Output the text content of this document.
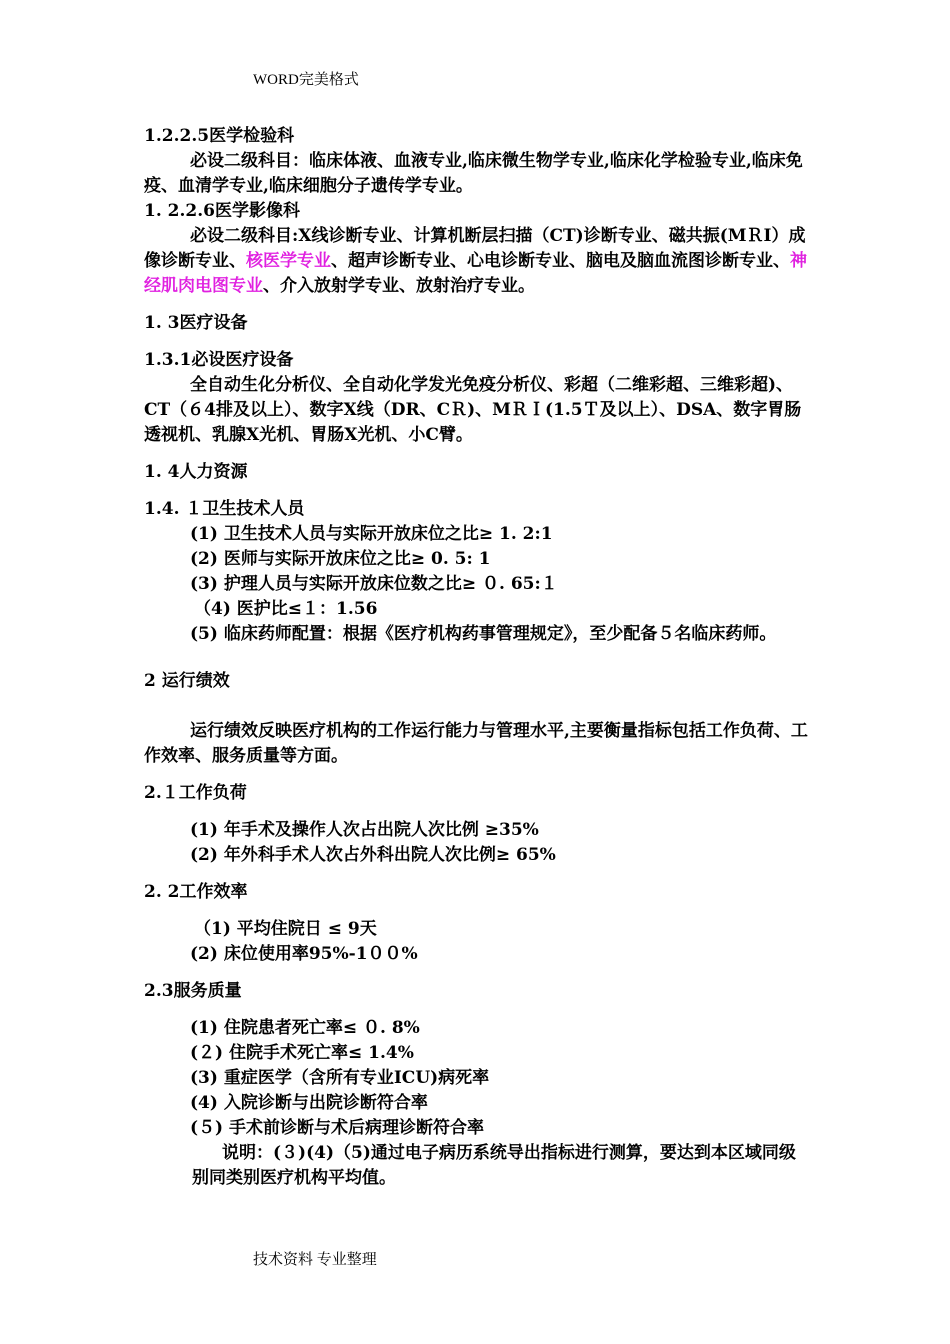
WORD完美格式

1.2.2.5医学检验科

必设二级科目：临床体液、血液专业,临床微生物学专业,临床化学检验专业,临床免疫、血清学专业,临床细胞分子遗传学专业。

1. 2.2.6医学影像科

必设二级科目:X线诊断专业、计算机断层扫描（CT)诊断专业、磁共振(MＲI）成像诊断专业、核医学专业、超声诊断专业、心电诊断专业、脑电及脑血流图诊断专业、神经肌肉电图专业、介入放射学专业、放射治疗专业。

1. 3医疗设备

1.3.1必设医疗设备

全自动生化分析仪、全自动化学发光免疫分析仪、彩超（二维彩超、三维彩超)、CT（６4排及以上）、数字X线（DR、CＲ)、MＲＩ(1.5Ｔ及以上）、DSA、数字胃肠透视机、乳腺X光机、胃肠X光机、小C臂。

1. 4人力资源

1.4. １卫生技术人员

(1) 卫生技术人员与实际开放床位之比≥ 1. 2:1

(2) 医师与实际开放床位之比≥ 0. 5: 1

(3) 护理人员与实际开放床位数之比≥ ０. 65:１

（4) 医护比≤１：1.56

(5) 临床药师配置：根据《医疗机构药事管理规定》，至少配备５名临床药师。

2 运行绩效

运行绩效反映医疗机构的工作运行能力与管理水平,主要衡量指标包括工作负荷、工作效率、服务质量等方面。

2.１工作负荷

(1) 年手术及操作人次占出院人次比例 ≥35%

(2) 年外科手术人次占外科出院人次比例≥ 65%

2. 2工作效率

（1) 平均住院日 ≤ 9天

(2) 床位使用率95%-1００%

2.3服务质量

(1) 住院患者死亡率≤ ０. 8%

(２) 住院手术死亡率≤ 1.4%

(3) 重症医学（含所有专业ICU)病死率

(4) 入院诊断与出院诊断符合率

(５) 手术前诊断与术后病理诊断符合率

说明：(３)(4)（5)通过电子病历系统导出指标进行测算，要达到本区域同级别同类别医疗机构平均值。

技术资料 专业整理
